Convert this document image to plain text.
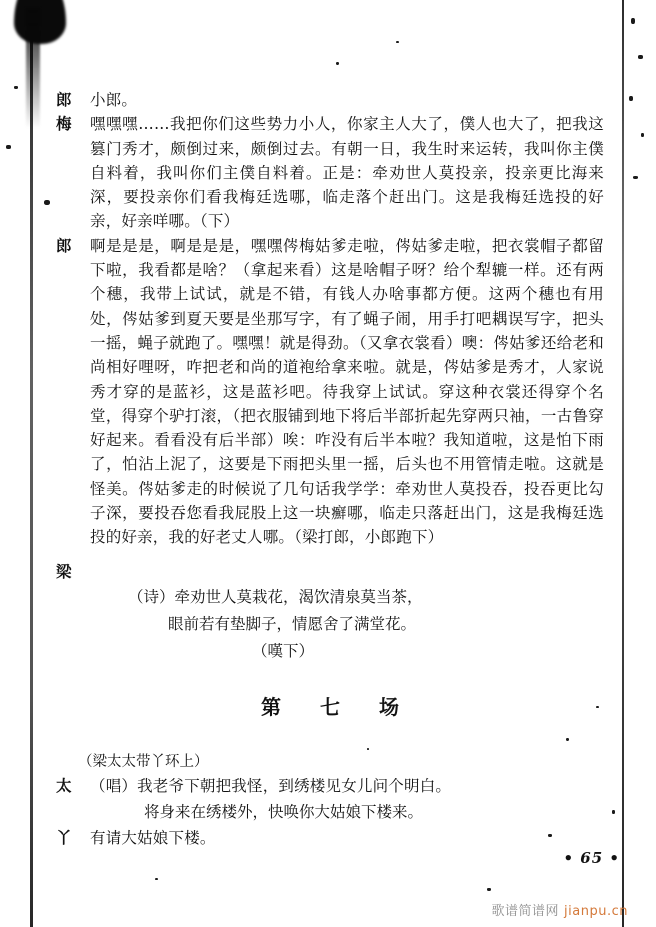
郎	小郎。
梅	嘿嘿嘿……我把你们这些势力小人，你家主人大了，僕人也大了，把我这篡门秀才，颇倒过来，颇倒过去。有朝一日，我生时来运转，我叫你主僕自料着，我叫你们主僕自料着。正是：牵劝世人莫投亲，投亲更比海来深，要投亲你们看我梅廷选哪，临走落个赶出门。这是我梅廷选投的好亲，好亲咩哪。（下）
郎	啊是是是，啊是是是，嘿嘿侺梅姑爹走啦，侺姑爹走啦，把衣裳帽子都留下啦，我看都是啥？（拿起来看）这是啥帽子呀？给个犁辘一样。还有两个穗，我带上试试，就是不错，有钱人办啥事都方便。这两个穗也有用处，侺姑爹到夏天要是坐那写字，有了蝇子闹，用手打吧耦误写字，把头一摇，蝇子就跑了。嘿嘿！就是得劲。（又拿衣裳看）噢：侺姑爹还给老和尚相好哩呀，咋把老和尚的道袍给拿来啦。就是，侺姑爹是秀才，人家说秀才穿的是蓝衫，这是蓝衫吧。待我穿上试试。穿这种衣裳还得穿个名堂，得穿个驴打滚，（把衣服铺到地下将后半部折起先穿两只袖，一古鲁穿好起来。看看没有后半部）唉：咋没有后半本啦？我知道啦，这是怕下雨了，怕沾上泥了，这要是下雨把头里一摇，后头也不用管情走啦。这就是怪美。侺姑爹走的时候说了几句话我学学：牵劝世人莫投吞，投吞更比勾子深，要投吞您看我屁股上这一块癬哪，临走只落赶出门，这是我梅廷选投的好亲，我的好老丈人哪。（梁打郎，小郎跑下）
梁
（诗）牵劝世人莫栽花，渴饮清泉莫当茶，
眼前若有垫脚子，情愿舍了满堂花。
（嘆下）
第 七 场
（梁太太带丫环上）
太	（唱）我老爷下朝把我怪，到绣楼见女儿问个明白。
将身来在绣楼外，快唤你大姑娘下楼来。
丫	有请大姑娘下楼。
• 65 •
歌谱简谱网 jianpu.cn
